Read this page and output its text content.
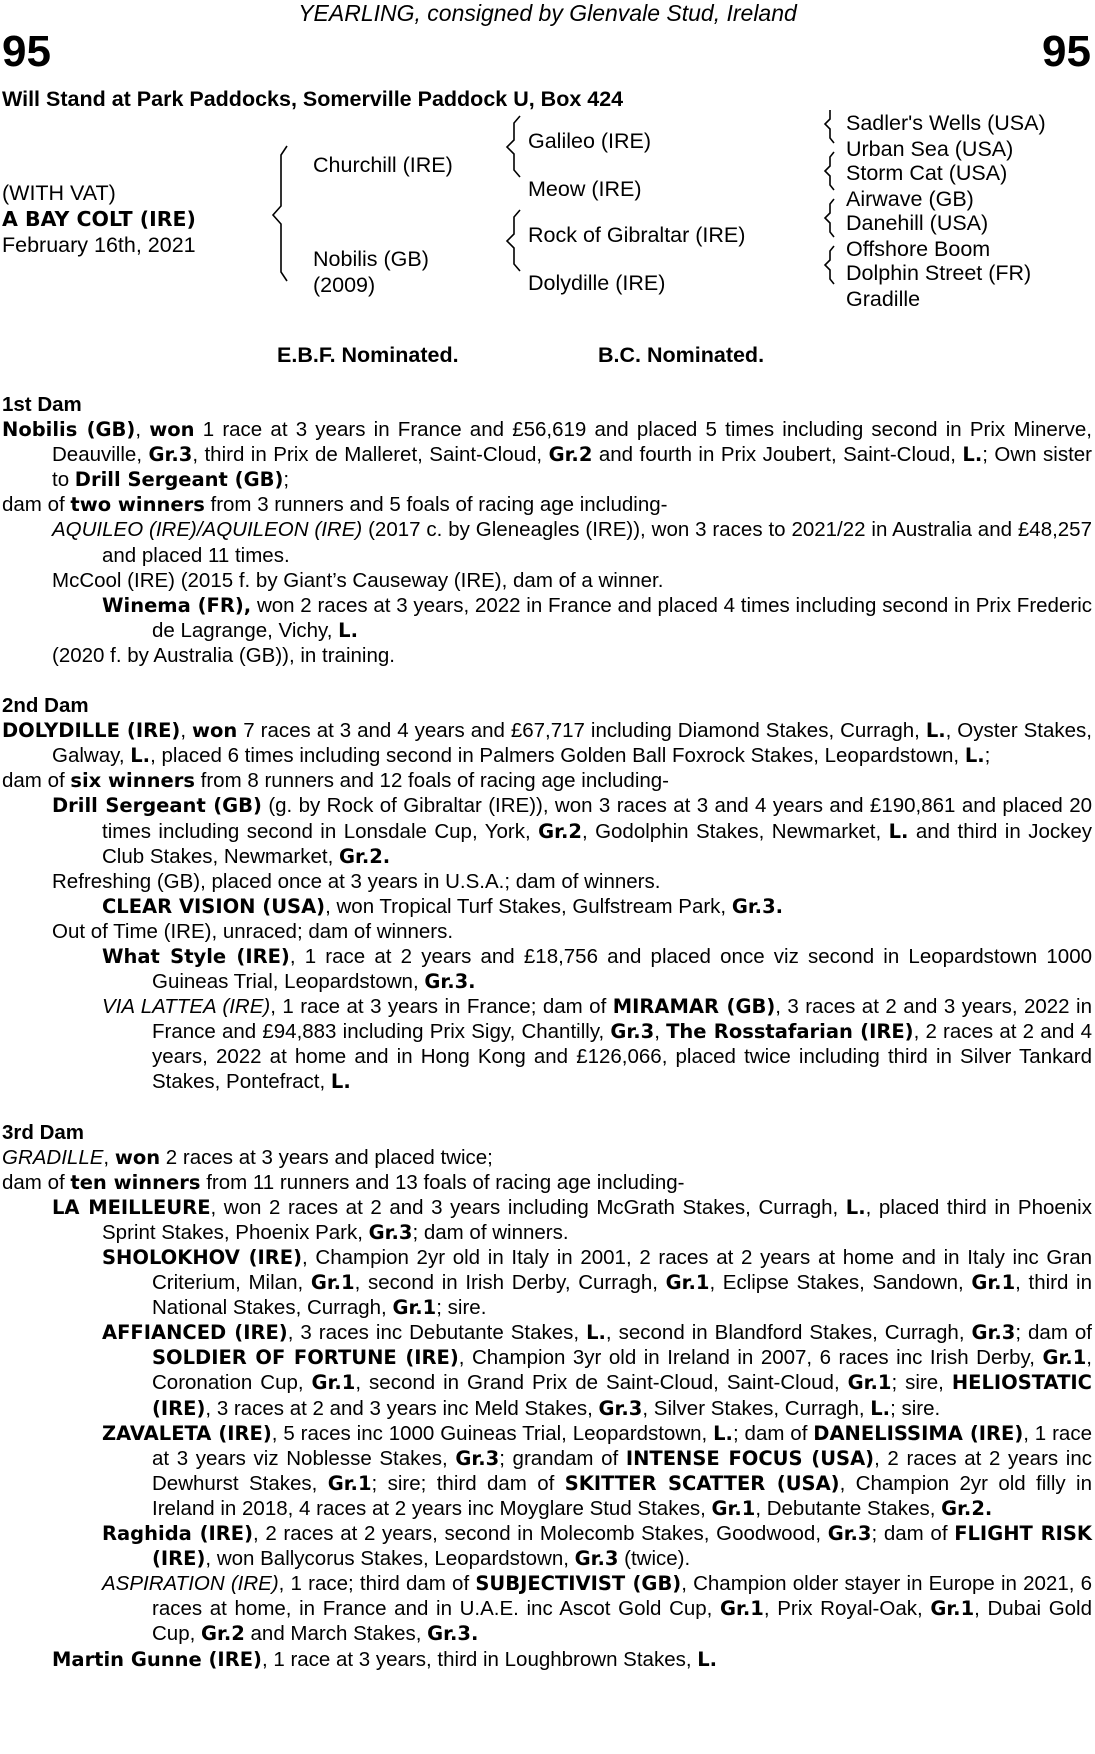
YEARLING, consigned by Glenvale Stud, Ireland
95	95
Will Stand at Park Paddocks, Somerville Paddock U, Box 424
(WITH VAT)
A BAY COLT (IRE)
February 16th, 2021
Churchill (IRE)
Nobilis (GB)
(2009)
Galileo (IRE)
Meow (IRE)
Rock of Gibraltar (IRE)
Dolydille (IRE)
Sadler's Wells (USA)
Urban Sea (USA)
Storm Cat (USA)
Airwave (GB)
Danehill (USA)
Offshore Boom
Dolphin Street (FR)
Gradille
E.B.F. Nominated.	B.C. Nominated.

1st Dam

Nobilis (GB), won 1 race at 3 years in France and £56,619 and placed 5 times including second in Prix Minerve, Deauville, Gr.3, third in Prix de Malleret, Saint-Cloud, Gr.2 and fourth in Prix Joubert, Saint-Cloud, L.; Own sister to Drill Sergeant (GB);

dam of two winners from 3 runners and 5 foals of racing age including-

AQUILEO (IRE)/AQUILEON (IRE) (2017 c. by Gleneagles (IRE)), won 3 races to 2021/22 in Australia and £48,257 and placed 11 times.

McCool (IRE) (2015 f. by Giant’s Causeway (IRE), dam of a winner.

Winema (FR), won 2 races at 3 years, 2022 in France and placed 4 times including second in Prix Frederic de Lagrange, Vichy, L.

(2020 f. by Australia (GB)), in training.

2nd Dam

DOLYDILLE (IRE), won 7 races at 3 and 4 years and £67,717 including Diamond Stakes, Curragh, L., Oyster Stakes, Galway, L., placed 6 times including second in Palmers Golden Ball Foxrock Stakes, Leopardstown, L.;

dam of six winners from 8 runners and 12 foals of racing age including-

Drill Sergeant (GB) (g. by Rock of Gibraltar (IRE)), won 3 races at 3 and 4 years and £190,861 and placed 20 times including second in Lonsdale Cup, York, Gr.2, Godolphin Stakes, Newmarket, L. and third in Jockey Club Stakes, Newmarket, Gr.2.

Refreshing (GB), placed once at 3 years in U.S.A.; dam of winners.

CLEAR VISION (USA), won Tropical Turf Stakes, Gulfstream Park, Gr.3.

Out of Time (IRE), unraced; dam of winners.

What Style (IRE), 1 race at 2 years and £18,756 and placed once viz second in Leopardstown 1000 Guineas Trial, Leopardstown, Gr.3.

VIA LATTEA (IRE), 1 race at 3 years in France; dam of MIRAMAR (GB), 3 races at 2 and 3 years, 2022 in France and £94,883 including Prix Sigy, Chantilly, Gr.3, The Rosstafarian (IRE), 2 races at 2 and 4 years, 2022 at home and in Hong Kong and £126,066, placed twice including third in Silver Tankard Stakes, Pontefract, L.

3rd Dam

GRADILLE, won 2 races at 3 years and placed twice;

dam of ten winners from 11 runners and 13 foals of racing age including-

LA MEILLEURE, won 2 races at 2 and 3 years including McGrath Stakes, Curragh, L., placed third in Phoenix Sprint Stakes, Phoenix Park, Gr.3; dam of winners.

SHOLOKHOV (IRE), Champion 2yr old in Italy in 2001, 2 races at 2 years at home and in Italy inc Gran Criterium, Milan, Gr.1, second in Irish Derby, Curragh, Gr.1, Eclipse Stakes, Sandown, Gr.1, third in National Stakes, Curragh, Gr.1; sire.

AFFIANCED (IRE), 3 races inc Debutante Stakes, L., second in Blandford Stakes, Curragh, Gr.3; dam of SOLDIER OF FORTUNE (IRE), Champion 3yr old in Ireland in 2007, 6 races inc Irish Derby, Gr.1, Coronation Cup, Gr.1, second in Grand Prix de Saint-Cloud, Saint-Cloud, Gr.1; sire, HELIOSTATIC (IRE), 3 races at 2 and 3 years inc Meld Stakes, Gr.3, Silver Stakes, Curragh, L.; sire.

ZAVALETA (IRE), 5 races inc 1000 Guineas Trial, Leopardstown, L.; dam of DANELISSIMA (IRE), 1 race at 3 years viz Noblesse Stakes, Gr.3; grandam of INTENSE FOCUS (USA), 2 races at 2 years inc Dewhurst Stakes, Gr.1; sire; third dam of SKITTER SCATTER (USA), Champion 2yr old filly in Ireland in 2018, 4 races at 2 years inc Moyglare Stud Stakes, Gr.1, Debutante Stakes, Gr.2.

Raghida (IRE), 2 races at 2 years, second in Molecomb Stakes, Goodwood, Gr.3; dam of FLIGHT RISK (IRE), won Ballycorus Stakes, Leopardstown, Gr.3 (twice).

ASPIRATION (IRE), 1 race; third dam of SUBJECTIVIST (GB), Champion older stayer in Europe in 2021, 6 races at home, in France and in U.A.E. inc Ascot Gold Cup, Gr.1, Prix Royal-Oak, Gr.1, Dubai Gold Cup, Gr.2 and March Stakes, Gr.3.

Martin Gunne (IRE), 1 race at 3 years, third in Loughbrown Stakes, L.
